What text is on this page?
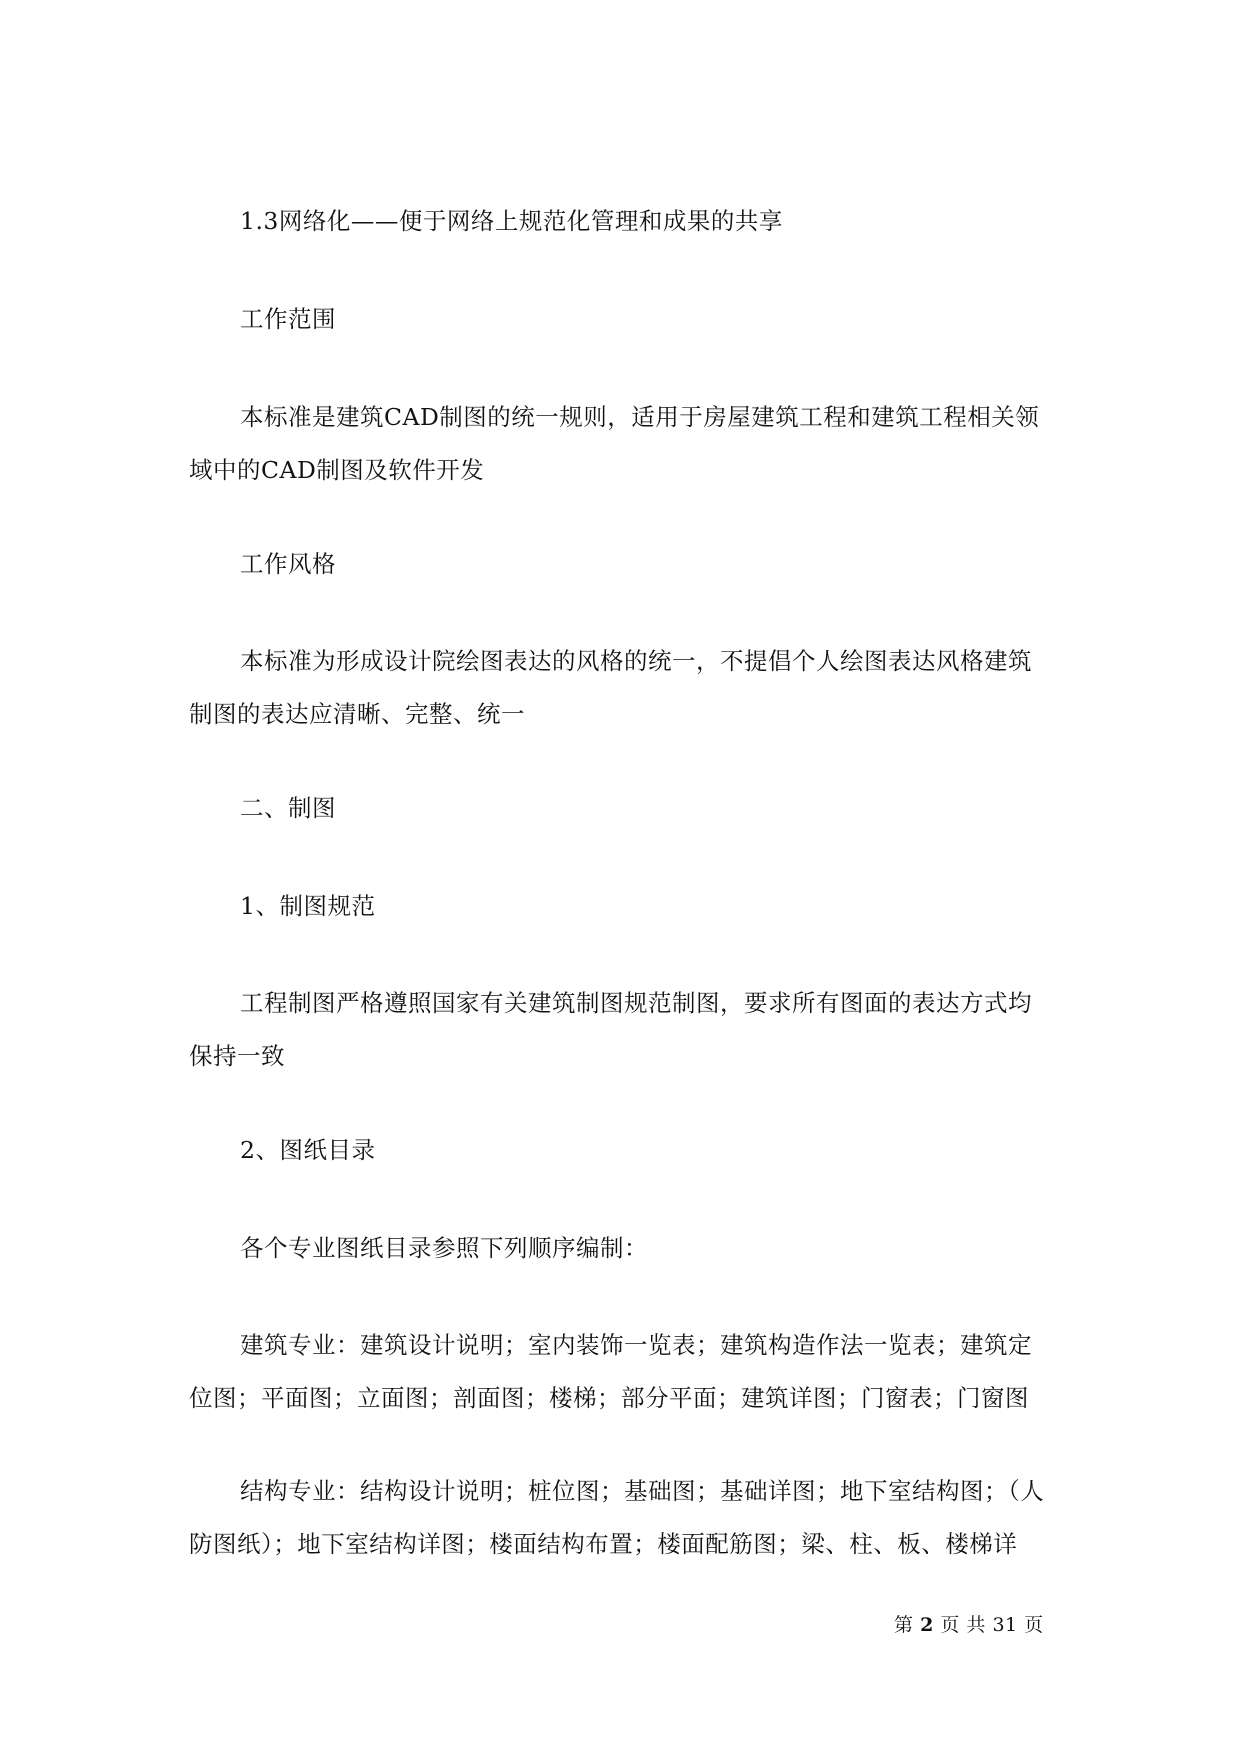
1.3网络化——便于网络上规范化管理和成果的共享

工作范围

本标准是建筑CAD制图的统一规则，适用于房屋建筑工程和建筑工程相关领
域中的CAD制图及软件开发

工作风格

本标准为形成设计院绘图表达的风格的统一，不提倡个人绘图表达风格建筑
制图的表达应清晰、完整、统一

二、制图

1、制图规范

工程制图严格遵照国家有关建筑制图规范制图，要求所有图面的表达方式均
保持一致

2、图纸目录

各个专业图纸目录参照下列顺序编制：

建筑专业：建筑设计说明；室内装饰一览表；建筑构造作法一览表；建筑定
位图；平面图；立面图；剖面图；楼梯；部分平面；建筑详图；门窗表；门窗图

结构专业：结构设计说明；桩位图；基础图；基础详图；地下室结构图；（人
防图纸）；地下室结构详图；楼面结构布置；楼面配筋图；梁、柱、板、楼梯详

第 2 页 共 31 页
